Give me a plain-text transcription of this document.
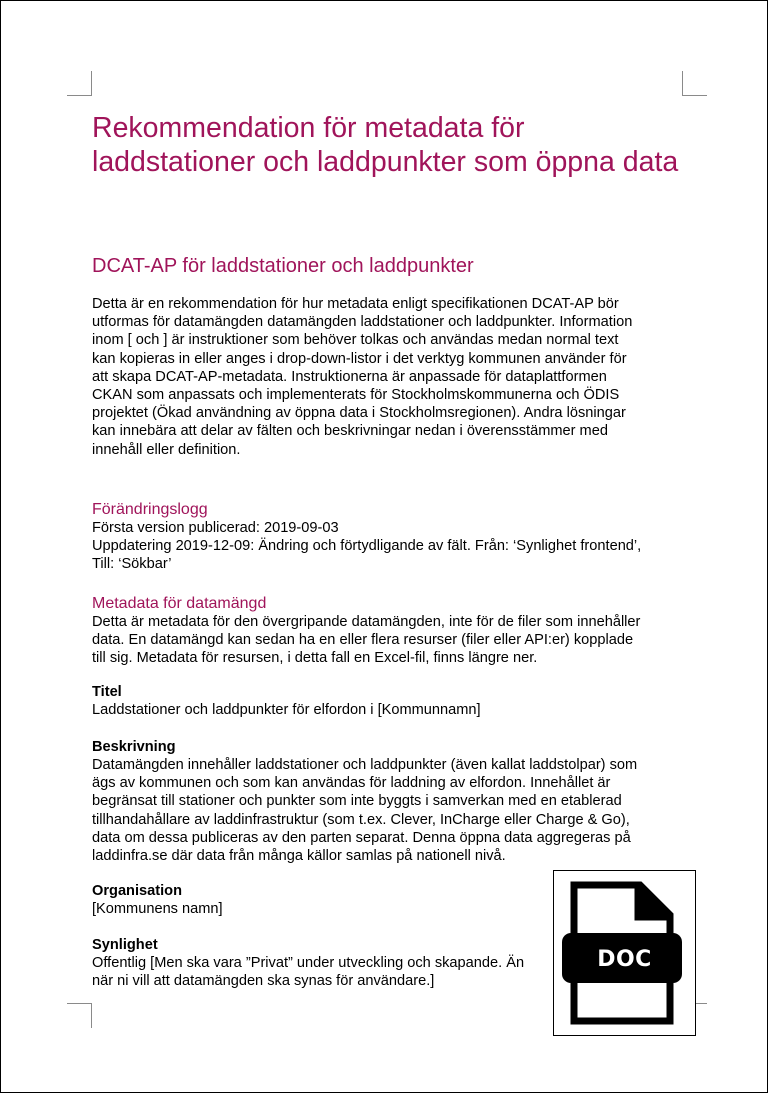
Rekommendation för metadata för
laddstationer och laddpunkter som öppna data
DCAT-AP för laddstationer och laddpunkter

Detta är en rekommendation för hur metadata enligt specifikationen DCAT-AP bör
utformas för datamängden datamängden laddstationer och laddpunkter. Information
inom [ och ] är instruktioner som behöver tolkas och användas medan normal text
kan kopieras in eller anges i drop-down-listor i det verktyg kommunen använder för
att skapa DCAT-AP-metadata. Instruktionerna är anpassade för dataplattformen
CKAN som anpassats och implementerats för Stockholmskommunerna och ÖDIS
projektet (Ökad användning av öppna data i Stockholmsregionen). Andra lösningar
kan innebära att delar av fälten och beskrivningar nedan i överensstämmer med
innehåll eller definition.

Förändringslogg

Första version publicerad: 2019-09-03
Uppdatering 2019-12-09: Ändring och förtydligande av fält. Från: ‘Synlighet frontend’,
Till: ‘Sökbar’

Metadata för datamängd

Detta är metadata för den övergripande datamängden, inte för de filer som innehåller
data. En datamängd kan sedan ha en eller flera resurser (filer eller API:er) kopplade
till sig. Metadata för resursen, i detta fall en Excel-fil, finns längre ner.

Titel

Laddstationer och laddpunkter för elfordon i [Kommunnamn]

Beskrivning

Datamängden innehåller laddstationer och laddpunkter (även kallat laddstolpar) som
ägs av kommunen och som kan användas för laddning av elfordon. Innehållet är
begränsat till stationer och punkter som inte byggts i samverkan med en etablerad
tillhandahållare av laddinfrastruktur (som t.ex. Clever, InCharge eller Charge & Go),
data om dessa publiceras av den parten separat. Denna öppna data aggregeras på
laddinfra.se där data från många källor samlas på nationell nivå.

Organisation

[Kommunens namn]

Synlighet

Offentlig [Men ska vara ”Privat” under utveckling och skapande. Än
när ni vill att datamängden ska synas för användare.]

DOC
